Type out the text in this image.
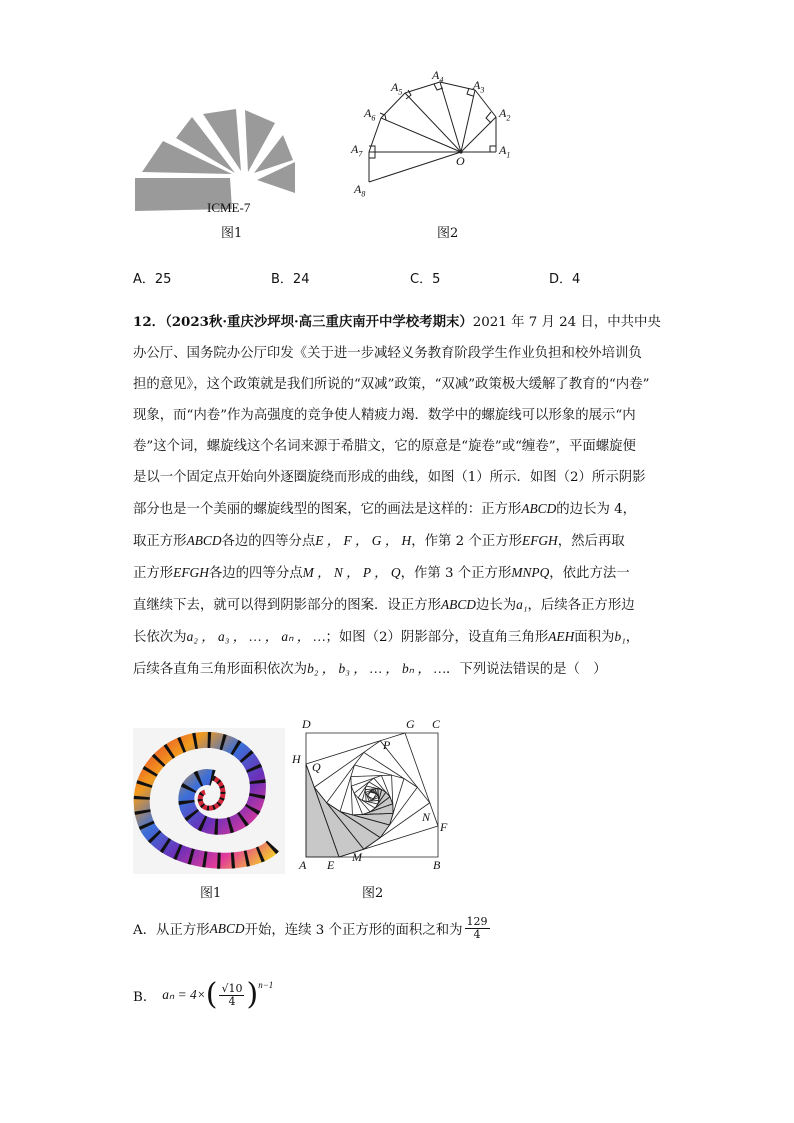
ICME-7
图1
$A_1$
$A_2$
$A_3$
$A_4$
$A_5$
$A_6$
$A_7$
$A_8$
O
图2
A．25	B．24	C．5	D．4

12．（2023秋·重庆沙坪坝·高三重庆南开中学校考期末）2021 年 7 月 24 日，中共中央

办公厅、国务院办公厅印发《关于进一步减轻义务教育阶段学生作业负担和校外培训负

担的意见》，这个政策就是我们所说的“双减”政策，“双减”政策极大缓解了教育的“内卷”

现象，而“内卷”作为高强度的竞争使人精疲力竭．数学中的螺旋线可以形象的展示“内

卷”这个词，螺旋线这个名词来源于希腊文，它的原意是“旋卷”或“缠卷”，平面螺旋便

是以一个固定点开始向外逐圈旋绕而形成的曲线，如图（1）所示．如图（2）所示阴影

部分也是一个美丽的螺旋线型的图案，它的画法是这样的：正方形ABCD的边长为 4，

取正方形ABCD各边的四等分点E ， F ， G ， H，作第 2 个正方形EFGH，然后再取

正方形EFGH各边的四等分点M ， N ， P ， Q，作第 3 个正方形MNPQ，依此方法一

直继续下去，就可以得到阴影部分的图案．设正方形ABCD边长为a₁，后续各正方形边

长依次为a₂ ， a₃ ， … ， aₙ ， …；如图（2）阴影部分，设直角三角形AEH面积为b₁，

后续各直角三角形面积依次为b₂ ， b₃ ， … ， bₙ ， …．下列说法错误的是（　）

图1
D	G C
H
Q
P
N
F
A E
M
B
图2
A．从正方形 ABCD 开始，连续 3 个正方形的面积之和为 $\frac{129}{4}$
B． aₙ = 4× ( $\frac{√10}{4} )^{n-1}$
